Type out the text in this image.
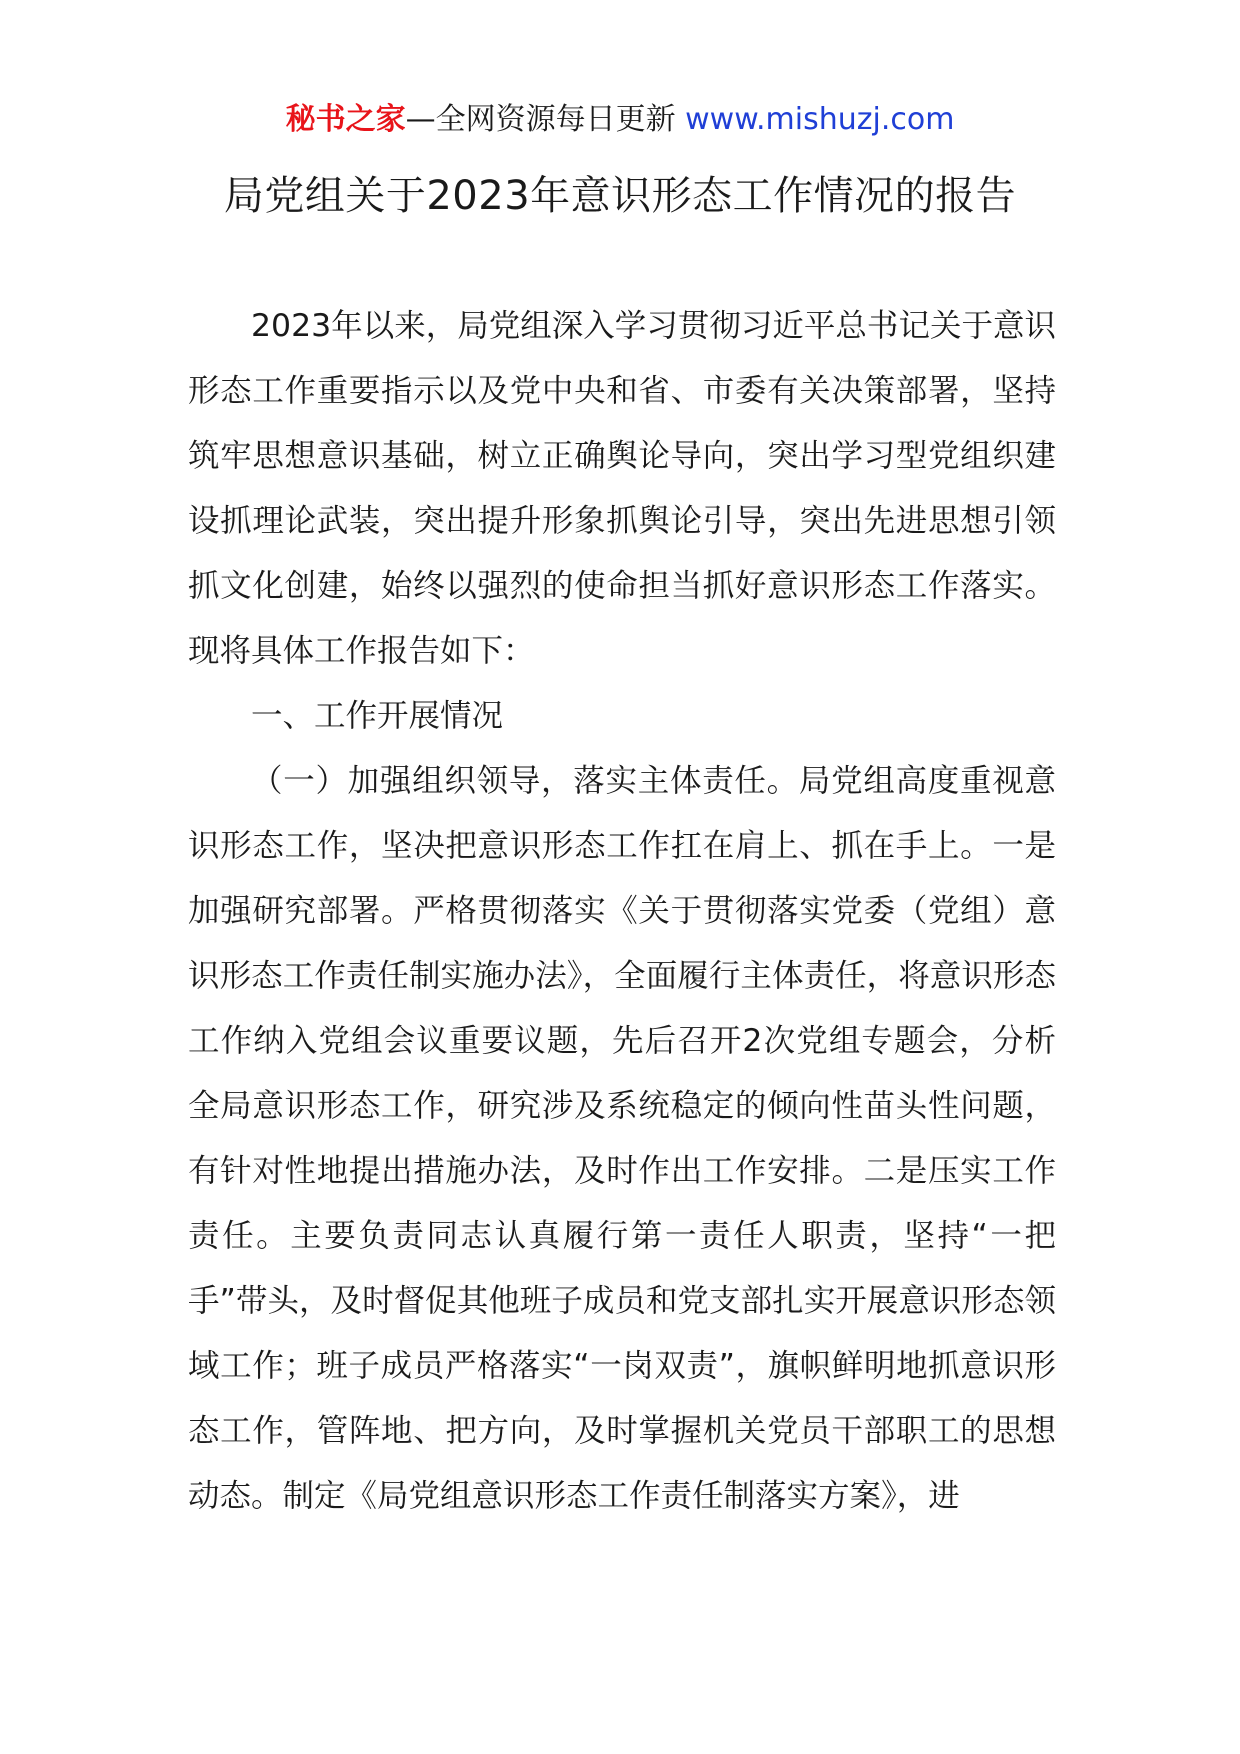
秘书之家—全网资源每日更新 www.mishuzj.com
局党组关于2023年意识形态工作情况的报告

2023年以来，局党组深入学习贯彻习近平总书记关于意识形态工作重要指示以及党中央和省、市委有关决策部署，坚持筑牢思想意识基础，树立正确舆论导向，突出学习型党组织建设抓理论武装，突出提升形象抓舆论引导，突出先进思想引领抓文化创建，始终以强烈的使命担当抓好意识形态工作落实。现将具体工作报告如下：

一、工作开展情况

（一）加强组织领导，落实主体责任。局党组高度重视意识形态工作，坚决把意识形态工作扛在肩上、抓在手上。一是加强研究部署。严格贯彻落实《关于贯彻落实党委（党组）意识形态工作责任制实施办法》，全面履行主体责任，将意识形态工作纳入党组会议重要议题，先后召开2次党组专题会，分析全局意识形态工作，研究涉及系统稳定的倾向性苗头性问题，有针对性地提出措施办法，及时作出工作安排。二是压实工作责任。主要负责同志认真履行第一责任人职责，坚持“一把手”带头，及时督促其他班子成员和党支部扎实开展意识形态领域工作；班子成员严格落实“一岗双责”，旗帜鲜明地抓意识形态工作，管阵地、把方向，及时掌握机关党员干部职工的思想动态。制定《局党组意识形态工作责任制落实方案》，进
